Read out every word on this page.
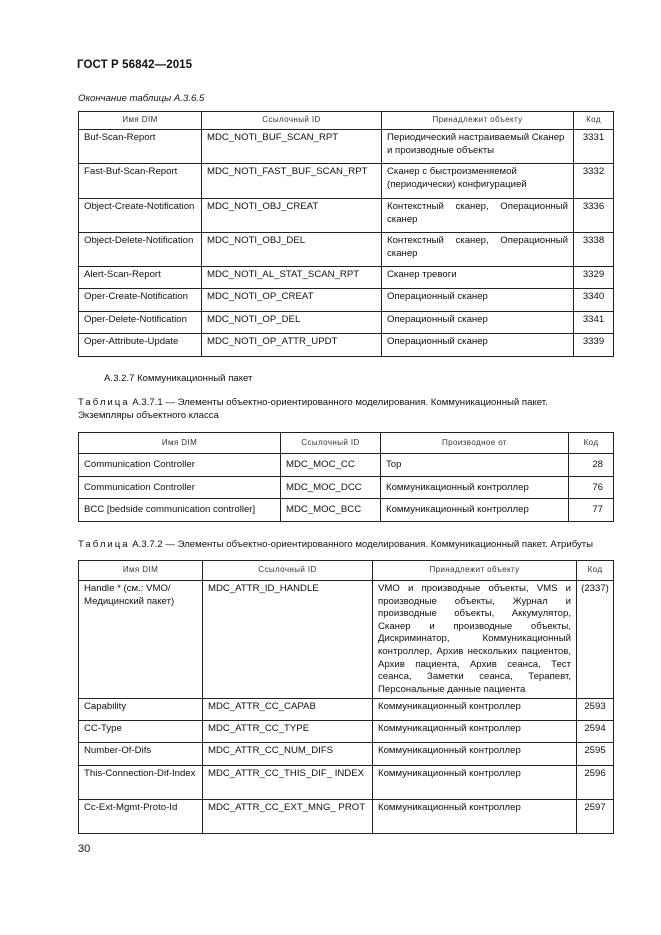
ГОСТ Р 56842—2015
Окончание таблицы А.3.6.5
Имя DIM	Ссылочный ID	Принадлежит объекту	Код
Buf-Scan-Report	MDC_NOTI_BUF_SCAN_RPT	Периодический настраиваемый Сканер и производные объекты	3331
Fast-Buf-Scan-Report	MDC_NOTI_FAST_BUF_SCAN_RPT	Сканер с быстроизменяемой (периодически) конфигурацией	3332
Object-Create-Notification	MDC_NOTI_OBJ_CREAT	Контекстный сканер, Операционный сканер	3336
Object-Delete-Notification	MDC_NOTI_OBJ_DEL	Контекстный сканер, Операционный сканер	3338
Alert-Scan-Report	MDC_NOTI_AL_STAT_SCAN_RPT	Сканер тревоги	3329
Oper-Create-Notification	MDC_NOTI_OP_CREAT	Операционный сканер	3340
Oper-Delete-Notification	MDC_NOTI_OP_DEL	Операционный сканер	3341
Oper-Attribute-Update	MDC_NOTI_OP_ATTR_UPDT	Операционный сканер	3339
А.3.2.7 Коммуникационный пакет
Таблица А.3.7.1 — Элементы объектно-ориентированного моделирования. Коммуникационный пакет. Экземпляры объектного класса
Имя DIM	Ссылочный ID	Производное от	Код
Communication Controller	MDC_MOC_CC	Top	28
Communication Controller	MDC_MOC_DCC	Коммуникационный контроллер	76
BCC [bedside communication controller]	MDC_MOC_BCC	Коммуникационный контроллер	77
Таблица А.3.7.2 — Элементы объектно-ориентированного моделирования. Коммуникационный пакет. Атрибуты
Имя DIM	Ссылочный ID	Принадлежит объекту	Код
Handle * (см.: VMO/ Медицинский пакет)	MDC_ATTR_ID_HANDLE	VMO и производные объекты, VMS и производные объекты, Журнал и производные объекты, Аккумулятор, Сканер и производные объекты, Дискриминатор, Коммуникационный контроллер, Архив нескольких пациентов, Архив пациента, Архив сеанса, Тест сеанса, Заметки сеанса, Терапевт, Персональные данные пациента	(2337)
Capability	MDC_ATTR_CC_CAPAB	Коммуникационный контроллер	2593
CC-Type	MDC_ATTR_CC_TYPE	Коммуникационный контроллер	2594
Number-Of-Difs	MDC_ATTR_CC_NUM_DIFS	Коммуникационный контроллер	2595
This-Connection-Dif-Index	MDC_ATTR_CC_THIS_DIF_ INDEX	Коммуникационный контроллер	2596
Cc-Ext-Mgmt-Proto-Id	MDC_ATTR_CC_EXT_MNG_ PROT	Коммуникационный контроллер	2597
30
